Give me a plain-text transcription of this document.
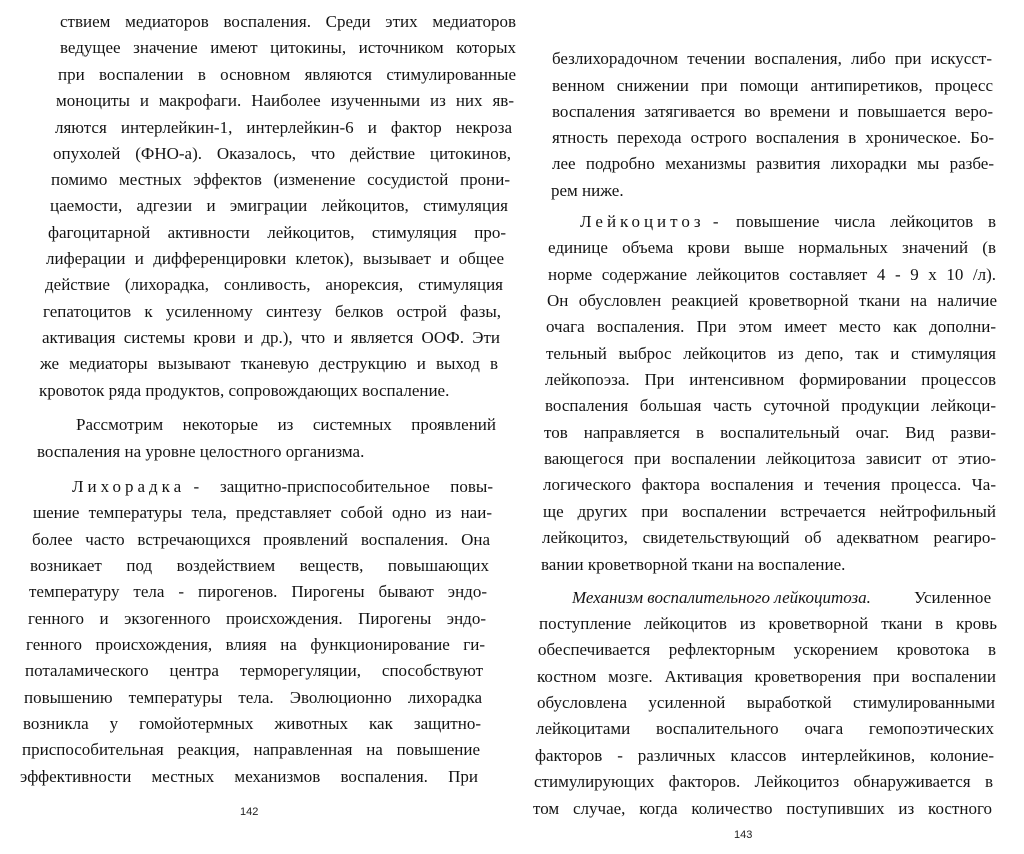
ствием медиаторов воспаления. Среди этих медиаторов
ведущее значение имеют цитокины, источником которых
при воспалении в основном являются стимулированные
моноциты и макрофаги. Наиболее изученными из них яв-
ляются интерлейкин-1, интерлейкин-6 и фактор некроза
опухолей (ФНО-а). Оказалось, что действие цитокинов,
помимо местных эффектов (изменение сосудистой прони-
цаемости, адгезии и эмиграции лейкоцитов, стимуляция
фагоцитарной активности лейкоцитов, стимуляция про-
лиферации и дифференцировки клеток), вызывает и общее
действие (лихорадка, сонливость, анорексия, стимуляция
гепатоцитов к усиленному синтезу белков острой фазы,
активация системы крови и др.), что и является ООФ. Эти
же медиаторы вызывают тканевую деструкцию и выход в
кровоток ряда продуктов, сопровождающих воспаление.
Рассмотрим некоторые из системных проявлений
воспаления на уровне целостного организма.
Лихорадка - защитно-приспособительное повы-
шение температуры тела, представляет собой одно из наи-
более часто встречающихся проявлений воспаления. Она
возникает под воздействием веществ, повышающих
температуру тела - пирогенов. Пирогены бывают эндо-
генного и экзогенного происхождения. Пирогены эндо-
генного происхождения, влияя на функционирование ги-
поталамического центра терморегуляции, способствуют
повышению температуры тела. Эволюционно лихорадка
возникла у гомойотермных животных как защитно-
приспособительная реакция, направленная на повышение
эффективности местных механизмов воспаления. При
142
безлихорадочном течении воспаления, либо при искусст-
венном снижении при помощи антипиретиков, процесс
воспаления затягивается во времени и повышается веро-
ятность перехода острого воспаления в хроническое. Бо-
лее подробно механизмы развития лихорадки мы разбе-
рем ниже.
Лейкоцитоз - повышение числа лейкоцитов в
единице объема крови выше нормальных значений (в
норме содержание лейкоцитов составляет 4 - 9 х 10 /л).
Он обусловлен реакцией кроветворной ткани на наличие
очага воспаления. При этом имеет место как дополни-
тельный выброс лейкоцитов из депо, так и стимуляция
лейкопоэза. При интенсивном формировании процессов
воспаления большая часть суточной продукции лейкоци-
тов направляется в воспалительный очаг. Вид разви-
вающегося при воспалении лейкоцитоза зависит от этио-
логического фактора воспаления и течения процесса. Ча-
ще других при воспалении встречается нейтрофильный
лейкоцитоз, свидетельствующий об адекватном реагиро-
вании кроветворной ткани на воспаление.
Механизм воспалительного лейкоцитоза.	Усиленное
поступление лейкоцитов из кроветворной ткани в кровь
обеспечивается рефлекторным ускорением кровотока в
костном мозге. Активация кроветворения при воспалении
обусловлена усиленной выработкой стимулированными
лейкоцитами воспалительного очага гемопоэтических
факторов - различных классов интерлейкинов, колониe-
стимулирующих факторов. Лейкоцитоз обнаруживается в
том случае, когда количество поступивших из костного
143
